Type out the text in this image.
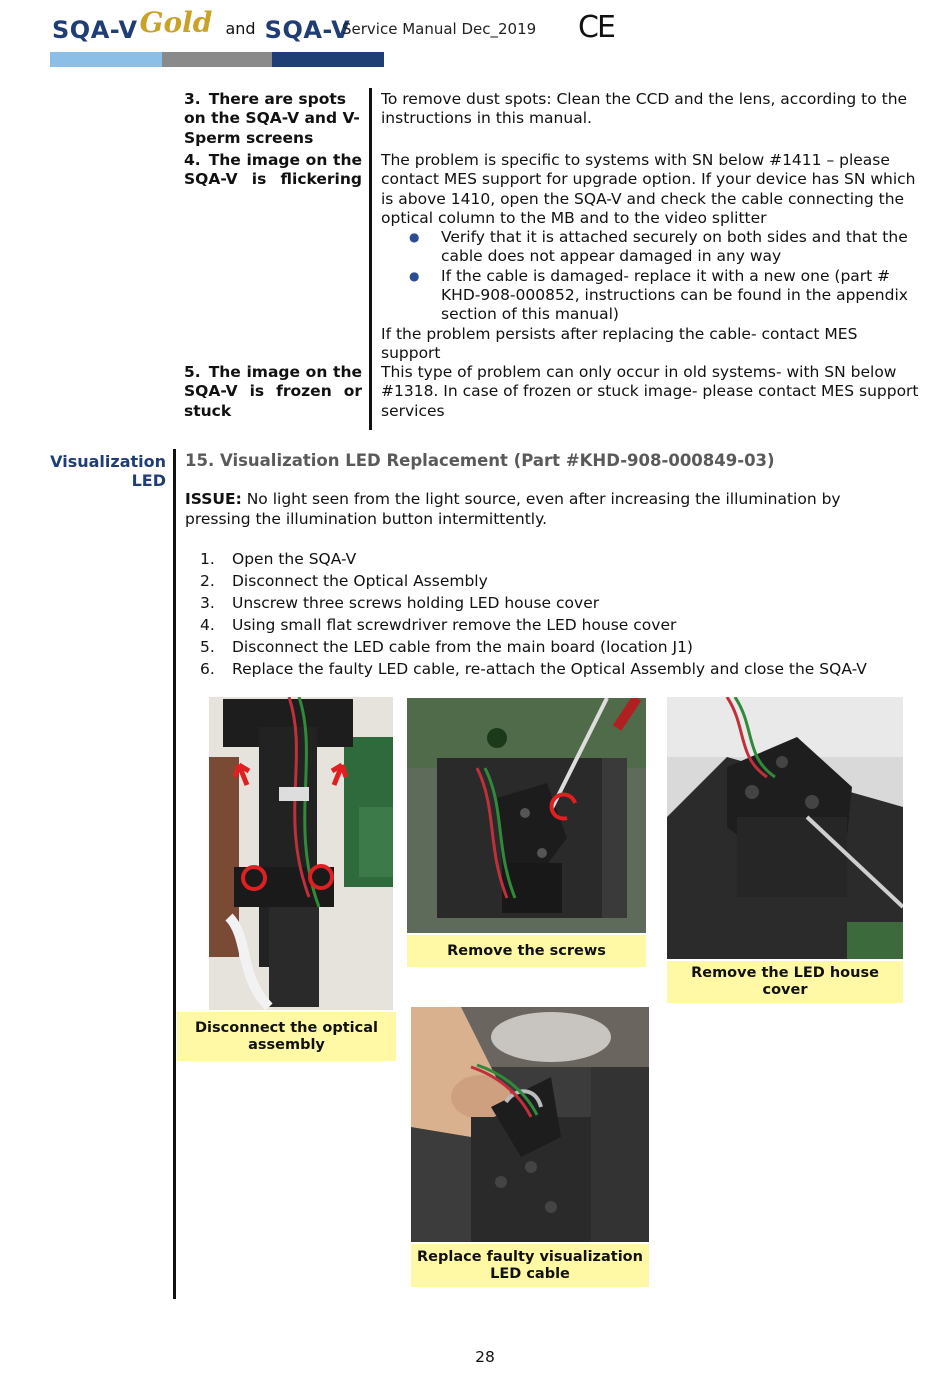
SQA-VGold and SQA-V
Service Manual Dec_2019 CE
3. There are spots on the SQA-V and V-Sperm screens
To remove dust spots: Clean the CCD and the lens, according to the instructions in this manual.
4. The image on the SQA-V is flickering
The problem is specific to systems with SN below #1411 – please contact MES support for upgrade option. If your device has SN which is above 1410, open the SQA-V and check the cable connecting the optical column to the MB and to the video splitter
● Verify that it is attached securely on both sides and that the cable does not appear damaged in any way
● If the cable is damaged- replace it with a new one (part # KHD-908-000852, instructions can be found in the appendix section of this manual)
If the problem persists after replacing the cable- contact MES support
5. The image on the SQA-V is frozen or stuck
This type of problem can only occur in old systems- with SN below #1318. In case of frozen or stuck image- please contact MES support services
Visualization
LED
15. Visualization LED Replacement (Part #KHD-908-000849-03)
ISSUE: No light seen from the light source, even after increasing the illumination by pressing the illumination button intermittently.
1. Open the SQA-V
2. Disconnect the Optical Assembly
3. Unscrew three screws holding LED house cover
4. Using small flat screwdriver remove the LED house cover
5. Disconnect the LED cable from the main board (location J1)
6. Replace the faulty LED cable, re-attach the Optical Assembly and close the SQA-V
Disconnect the optical assembly
Remove the screws
Remove the LED house cover
Replace faulty visualization LED cable
28
